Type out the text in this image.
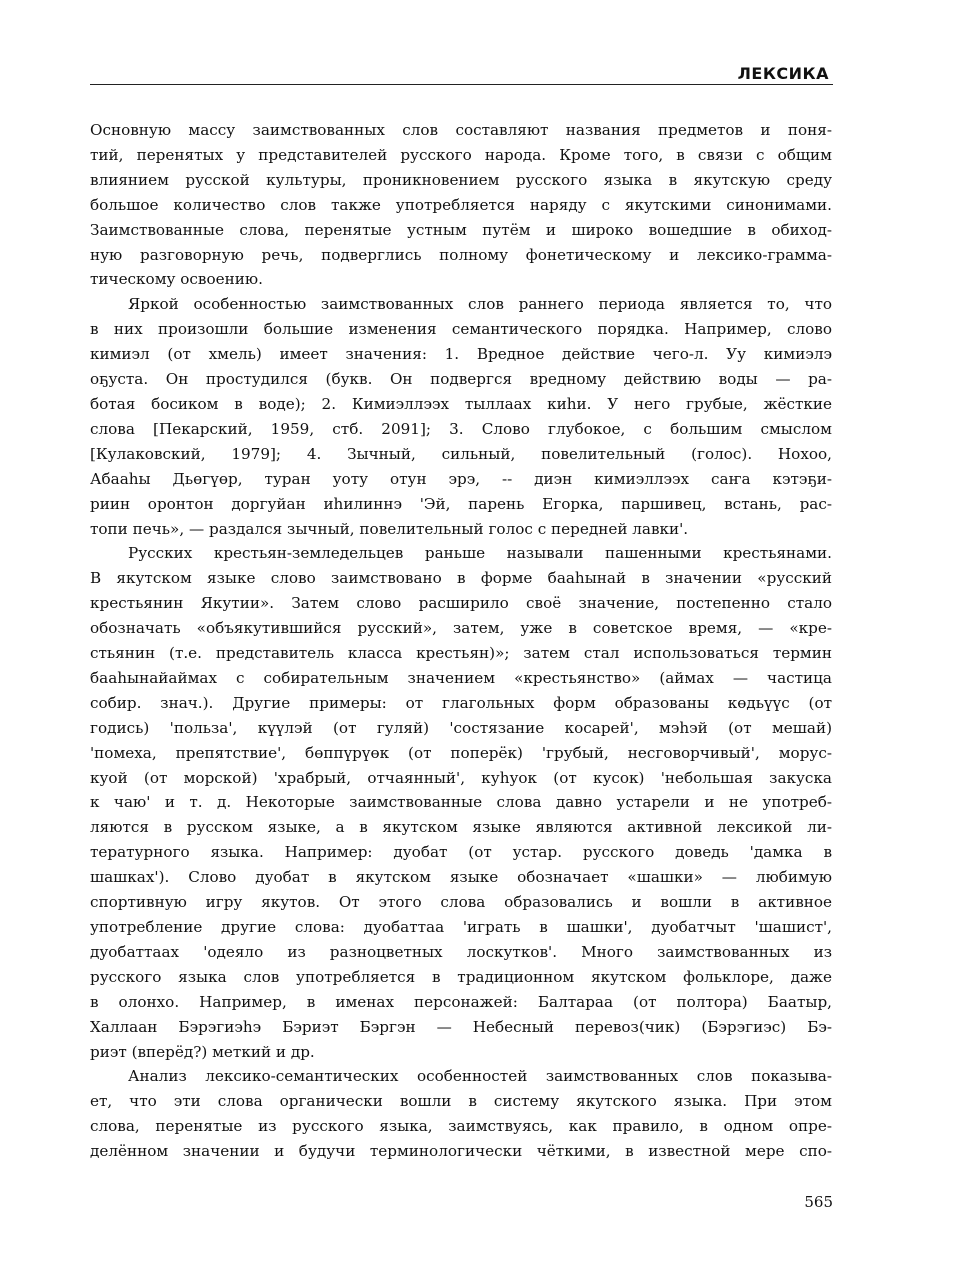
ЛЕКСИКА
Основную массу заимствованных слов составляют названия предметов и поня-
тий, перенятых у представителей русского народа. Кроме того, в связи с общим
влиянием русской культуры, проникновением русского языка в якутскую среду
большое количество слов также употребляется наряду с якутскими синонимами.
Заимствованные слова, перенятые устным путём и широко вошедшие в обиход-
ную разговорную речь, подверглись полному фонетическому и лексико-грамма-
тическому освоению.
Яркой особенностью заимствованных слов раннего периода является то, что
в них произошли большие изменения семантического порядка. Например, слово
кимиэл (от хмель) имеет значения: 1. Вредное действие чего-л. Уу кимиэлэ
оҕуста. Он простудился (букв. Он подвергся вредному действию воды — ра-
ботая босиком в воде); 2. Кимиэллээх тыллаах киһи. У него грубые, жёсткие
слова [Пекарский, 1959, стб. 2091]; 3. Слово глубокое, с большим смыслом
[Кулаковский, 1979]; 4. Зычный, сильный, повелительный (голос). Нохоо,
Абааһы Дьөгүөр, туран уоту отун эрэ, -- диэн кимиэллээх саҥа кэтэҕи-
риин оронтон доргуйан иһилиннэ 'Эй, парень Егорка, паршивец, встань, рас-
топи печь», — раздался зычный, повелительный голос с передней лавки'.
Русских крестьян-земледельцев раньше называли пашенными крестьянами.
В якутском языке слово заимствовано в форме бааһынай в значении «русский
крестьянин Якутии». Затем слово расширило своё значение, постепенно стало
обозначать «объякутившийся русский», затем, уже в советское время, — «кре-
стьянин (т.е. представитель класса крестьян)»; затем стал использоваться термин
бааһынайаймах с собирательным значением «крестьянство» (аймах — частица
собир. знач.). Другие примеры: от глагольных форм образованы көдьүүс (от
годись) 'польза', күүлэй (от гуляй) 'состязание косарей', мэһэй (от мешай)
'помеха, препятствие', бөппүрүөк (от поперёк) 'грубый, несговорчивый', морус-
куой (от морской) 'храбрый, отчаянный', куһуок (от кусок) 'небольшая закуска
к чаю' и т. д. Некоторые заимствованные слова давно устарели и не употреб-
ляются в русском языке, а в якутском языке являются активной лексикой ли-
тературного языка. Например: дуобат (от устар. русского доведь 'дамка в
шашках'). Слово дуобат в якутском языке обозначает «шашки» — любимую
спортивную игру якутов. От этого слова образовались и вошли в активное
употребление другие слова: дуобаттаа 'играть в шашки', дуобатчыт 'шашист',
дуобаттаах 'одеяло из разноцветных лоскутков'. Много заимствованных из
русского языка слов употребляется в традиционном якутском фольклоре, даже
в олонхо. Например, в именах персонажей: Балтараа (от полтора) Баатыр,
Халлаан Бэрэгиэһэ Бэриэт Бэргэн — Небесный перевоз(чик) (Бэрэгиэс) Бэ-
риэт (вперёд?) меткий и др.
Анализ лексико-семантических особенностей заимствованных слов показыва-
ет, что эти слова органически вошли в систему якутского языка. При этом
слова, перенятые из русского языка, заимствуясь, как правило, в одном опре-
делённом значении и будучи терминологически чёткими, в известной мере спо-
565
